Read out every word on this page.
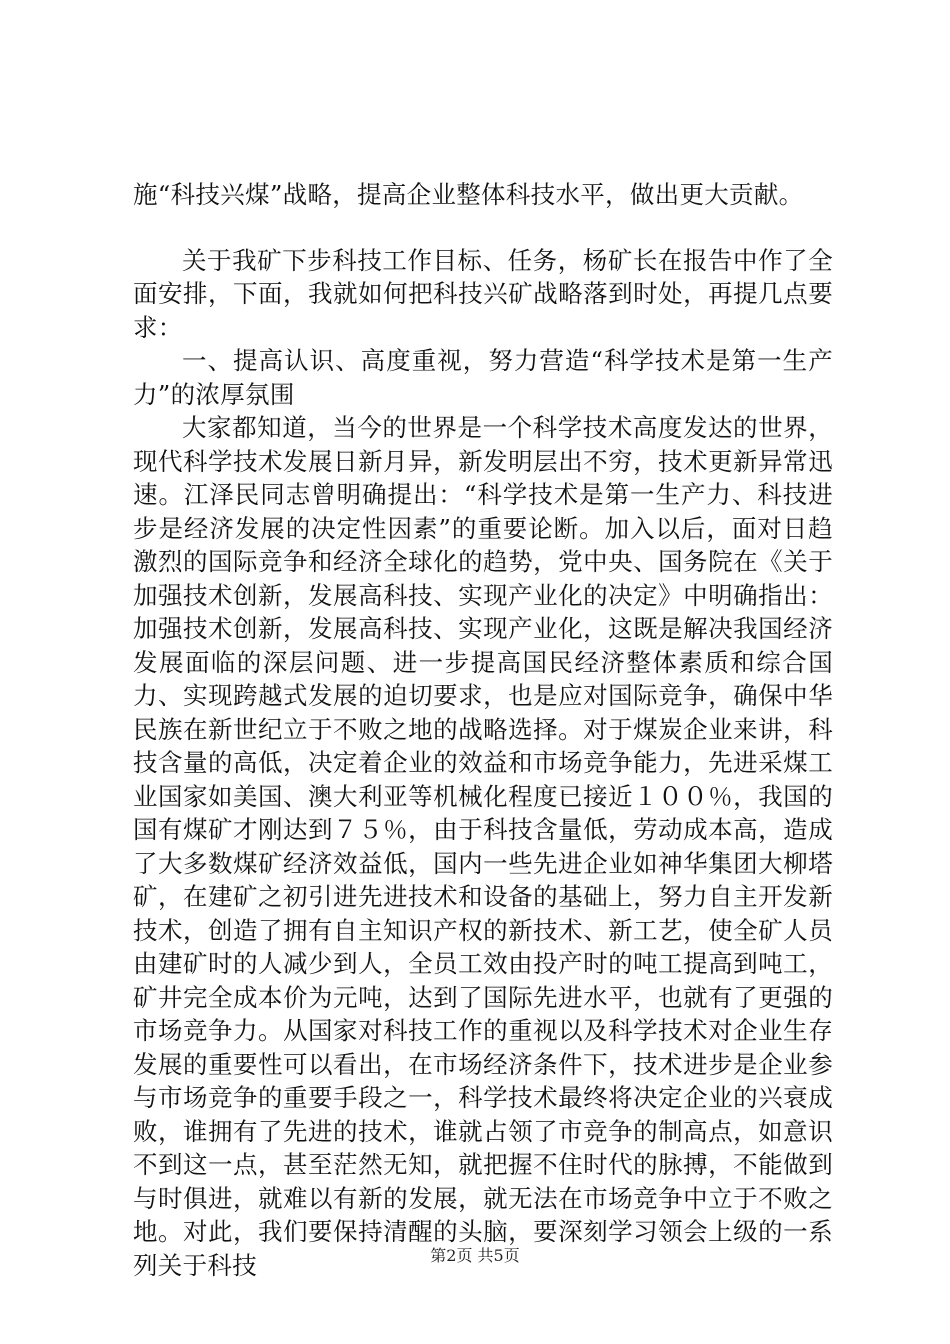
施“科技兴煤”战略，提高企业整体科技水平，做出更大贡献。

关于我矿下步科技工作目标、任务，杨矿长在报告中作了全面安排，下面，我就如何把科技兴矿战略落到时处，再提几点要求：

一、提高认识、高度重视，努力营造“科学技术是第一生产力”的浓厚氛围

大家都知道，当今的世界是一个科学技术高度发达的世界，现代科学技术发展日新月异，新发明层出不穷，技术更新异常迅速。江泽民同志曾明确提出：“科学技术是第一生产力、科技进步是经济发展的决定性因素”的重要论断。加入以后，面对日趋激烈的国际竞争和经济全球化的趋势，党中央、国务院在《关于加强技术创新，发展高科技、实现产业化的决定》中明确指出：加强技术创新，发展高科技、实现产业化，这既是解决我国经济发展面临的深层问题、进一步提高国民经济整体素质和综合国力、实现跨越式发展的迫切要求，也是应对国际竞争，确保中华民族在新世纪立于不败之地的战略选择。对于煤炭企业来讲，科技含量的高低，决定着企业的效益和市场竞争能力，先进采煤工业国家如美国、澳大利亚等机械化程度已接近１００％，我国的国有煤矿才刚达到７５％，由于科技含量低，劳动成本高，造成了大多数煤矿经济效益低，国内一些先进企业如神华集团大柳塔矿，在建矿之初引进先进技术和设备的基础上，努力自主开发新技术，创造了拥有自主知识产权的新技术、新工艺，使全矿人员由建矿时的人减少到人，全员工效由投产时的吨工提高到吨工，矿井完全成本价为元吨，达到了国际先进水平，也就有了更强的市场竞争力。从国家对科技工作的重视以及科学技术对企业生存发展的重要性可以看出，在市场经济条件下，技术进步是企业参与市场竞争的重要手段之一，科学技术最终将决定企业的兴衰成败，谁拥有了先进的技术，谁就占领了市竞争的制高点，如意识不到这一点，甚至茫然无知，就把握不住时代的脉搏，不能做到与时俱进，就难以有新的发展，就无法在市场竞争中立于不败之地。对此，我们要保持清醒的头脑，要深刻学习领会上级的一系列关于科技	第2页 共5页
